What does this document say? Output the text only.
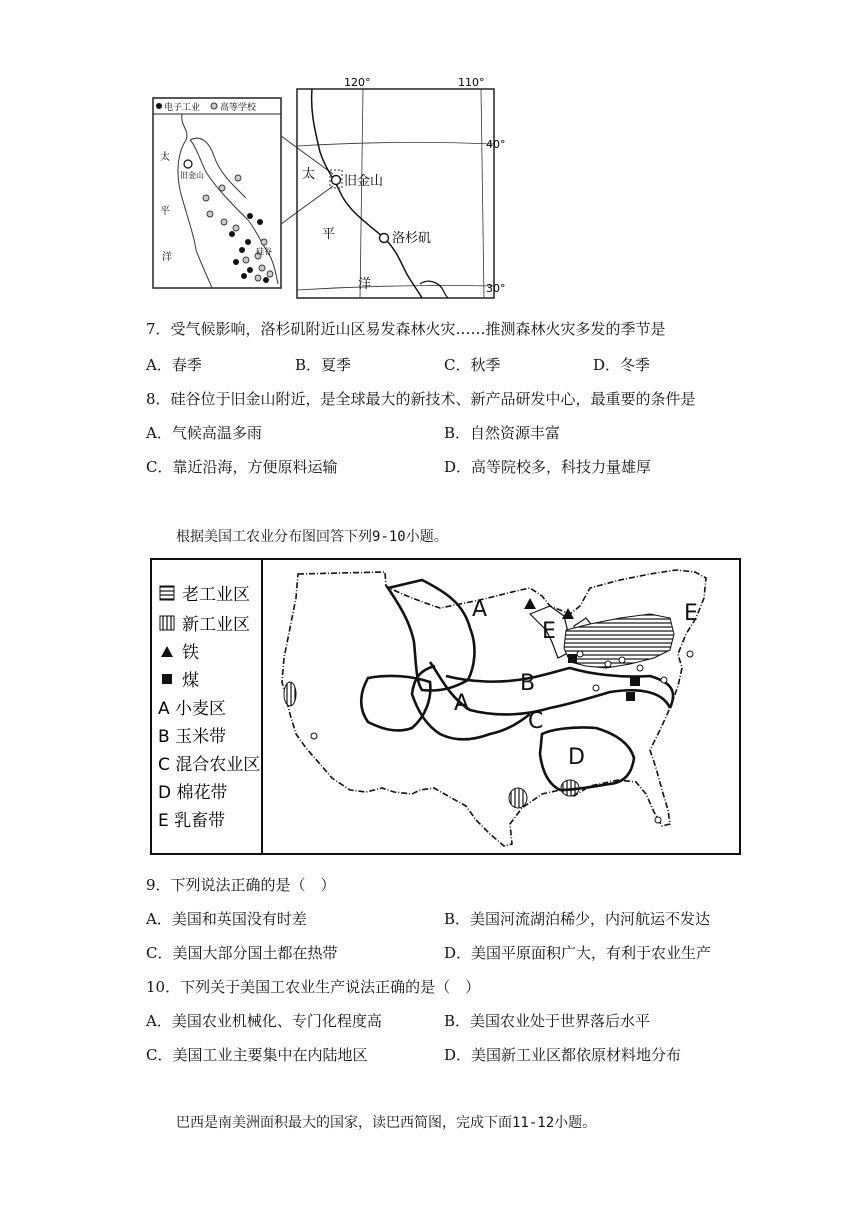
电子工业 高等学校
旧金山
太
平
洋
硅谷
120°	110°
40°
30°
旧金山
洛杉矶
太
平
洋
7．受气候影响，洛杉矶附近山区易发森林火灾……推测森林火灾多发的季节是
A．春季	B．夏季	C．秋季	D．冬季
8．硅谷位于旧金山附近，是全球最大的新技术、新产品研发中心，最重要的条件是
A．气候高温多雨	B．自然资源丰富
C．靠近沿海，方便原料运输	D．高等院校多，科技力量雄厚
根据美国工农业分布图回答下列9-10小题。
老工业区
新工业区
铁
煤
A 小麦区
B 玉米带
C 混合农业区
D 棉花带
E 乳畜带
A
A
B
C
D
E
E
9．下列说法正确的是（　）
A．美国和英国没有时差	B．美国河流湖泊稀少，内河航运不发达
C．美国大部分国土都在热带	D．美国平原面积广大，有利于农业生产
10．下列关于美国工农业生产说法正确的是（　）
A．美国农业机械化、专门化程度高	B．美国农业处于世界落后水平
C．美国工业主要集中在内陆地区	D．美国新工业区都依原材料地分布
巴西是南美洲面积最大的国家，读巴西简图，完成下面11-12小题。
